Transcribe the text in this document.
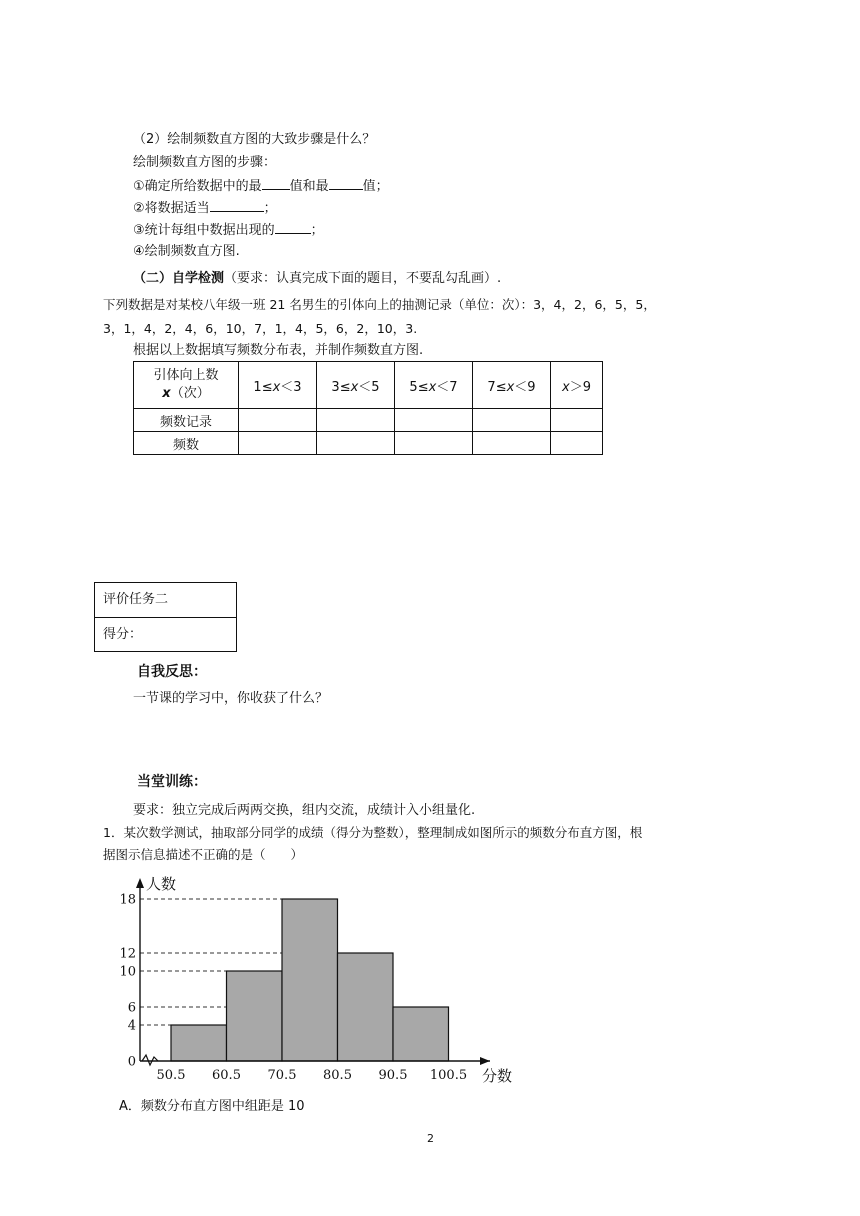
（2）绘制频数直方图的大致步骤是什么？
绘制频数直方图的步骤：
①确定所给数据中的最 值和最	值；
②将数据适当	；
③统计每组中数据出现的	；
④绘制频数直方图.
（二）自学检测（要求：认真完成下面的题目，不要乱勾乱画）.
下列数据是对某校八年级一班 21 名男生的引体向上的抽测记录（单位：次）：3，4，2，6，5，5，
3，1，4，2，4，6，10，7，1，4，5，6，2，10，3.
根据以上数据填写频数分布表，并制作频数直方图.
引体向上数
x（次）	1≤x＜3	3≤x＜5	5≤x＜7	7≤x＜9	x＞9
频数记录					
频数					
评价任务二
得分：
自我反思：
一节课的学习中，你收获了什么？
当堂训练：
要求：独立完成后两两交换，组内交流，成绩计入小组量化.
1．某次数学测试，抽取部分同学的成绩（得分为整数），整理制成如图所示的频数分布直方图，根
据图示信息描述不正确的是（　　）
0
4
6
10
12
18
50.5 60.5 70.5 80.5 90.5 100.5
人数
分数
A．频数分布直方图中组距是 10
2
